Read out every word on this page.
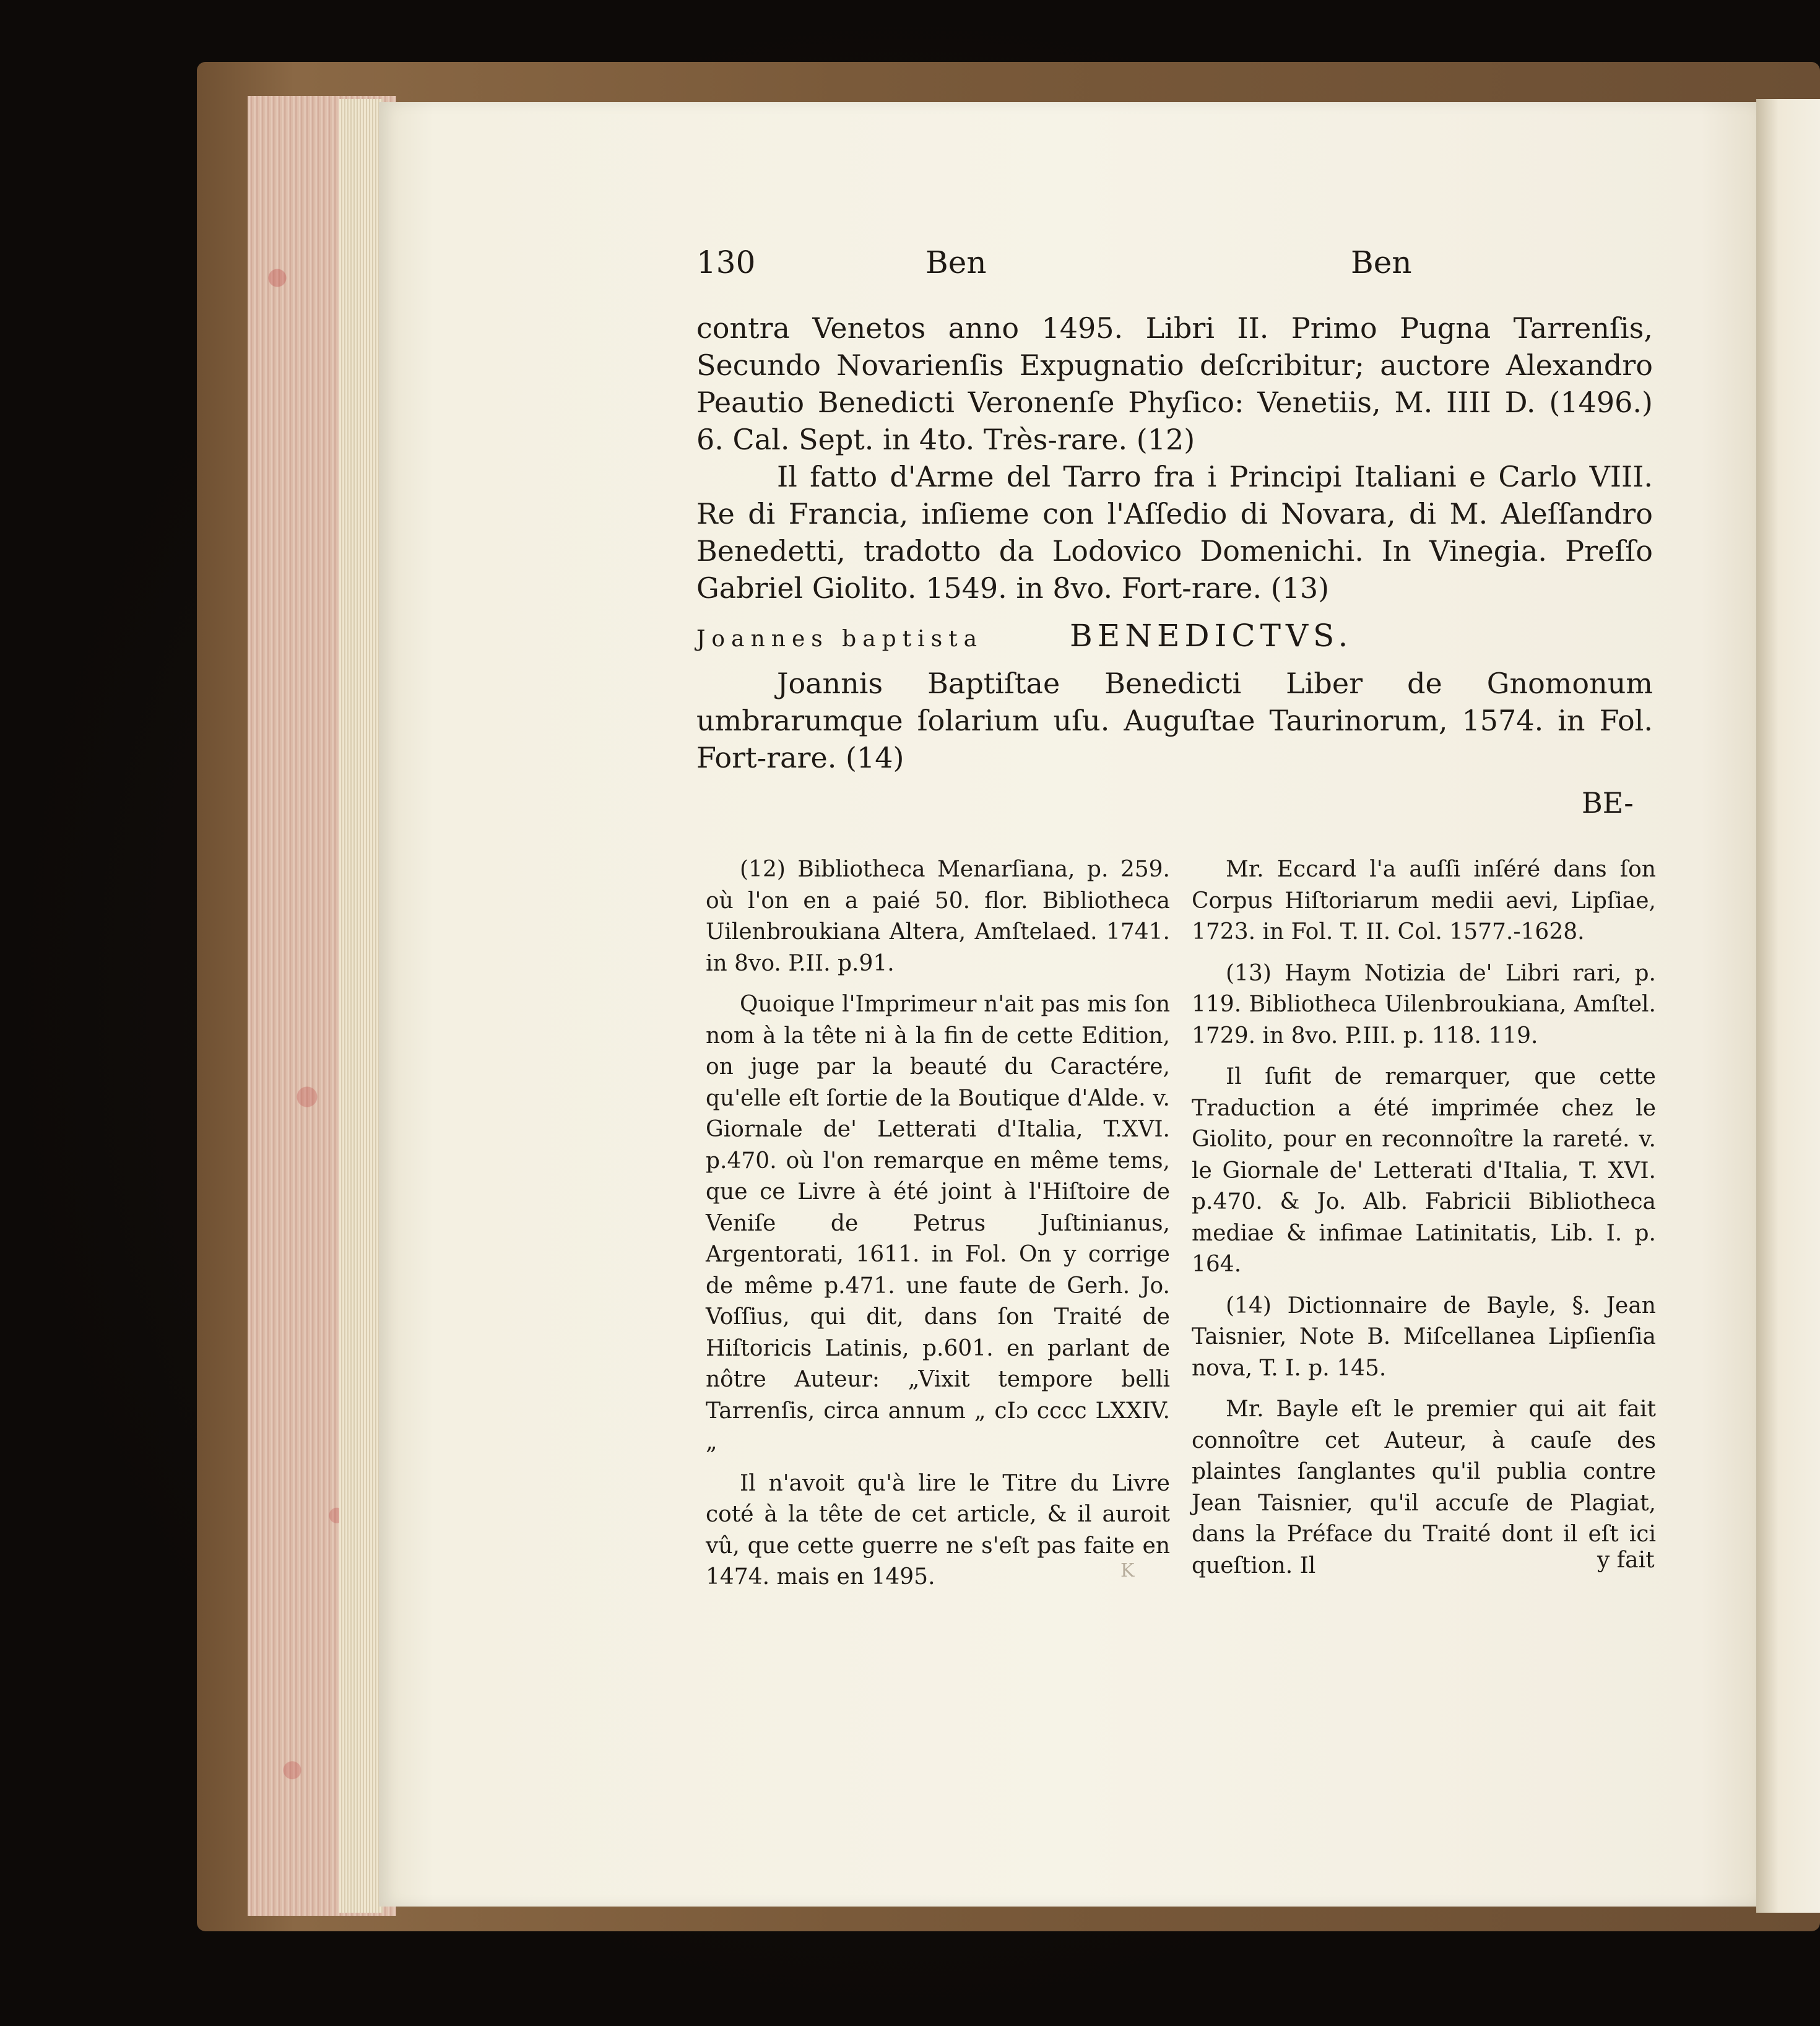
130	Ben	Ben

contra Venetos anno 1495. Libri II. Primo Pugna Tarrenſis, Secundo Novarienſis Expugnatio deſcribitur; auctore Alexandro Peautio Benedicti Veronenſe Phyſico: Venetiis, M. IIII D. (1496.) 6. Cal. Sept. in 4to. Très-rare. (12)

Il fatto d'Arme del Tarro fra i Principi Italiani e Carlo VIII. Re di Francia, inſieme con l'Aſſedio di Novara, di M. Aleſſandro Benedetti, tradotto da Lodovico Domenichi. In Vinegia. Preſſo Gabriel Giolito. 1549. in 8vo. Fort-rare. (13)

Joannes baptista	BENEDICTVS.

Joannis Baptiſtae Benedicti Liber de Gnomonum umbrarumque ſolarium uſu. Auguſtae Taurinorum, 1574. in Fol. Fort-rare. (14)

BE-

(12) Bibliotheca Menarſiana, p. 259. où l'on en a paié 50. flor. Bibliotheca Uilenbroukiana Altera, Amſtelaed. 1741. in 8vo. P.II. p.91.

Quoique l'Imprimeur n'ait pas mis ſon nom à la tête ni à la fin de cette Edition, on juge par la beauté du Caractére, qu'elle eſt ſortie de la Boutique d'Alde. v. Giornale de' Letterati d'Italia, T.XVI. p.470. où l'on remarque en même tems, que ce Livre à été joint à l'Hiſtoire de Veniſe de Petrus Juſtinianus, Argentorati, 1611. in Fol. On y corrige de même p.471. une faute de Gerh. Jo. Voſſius, qui dit, dans ſon Traité de Hiſtoricis Latinis, p.601. en parlant de nôtre Auteur: „Vixit tempore belli Tarrenſis, circa annum „ cIɔ cccc LXXIV. „

Il n'avoit qu'à lire le Titre du Livre coté à la tête de cet article, & il auroit vû, que cette guerre ne s'eſt pas faite en 1474. mais en 1495.

Mr. Eccard l'a auſſi inſéré dans ſon Corpus Hiſtoriarum medii aevi, Lipſiae, 1723. in Fol. T. II. Col. 1577.-1628.

(13) Haym Notizia de' Libri rari, p. 119. Bibliotheca Uilenbroukiana, Amſtel. 1729. in 8vo. P.III. p. 118. 119.

Il ſufit de remarquer, que cette Traduction a été imprimée chez le Giolito, pour en reconnoître la rareté. v. le Giornale de' Letterati d'Italia, T. XVI. p.470. & Jo. Alb. Fabricii Bibliotheca mediae & infimae Latinitatis, Lib. I. p. 164.

(14) Dictionnaire de Bayle, §. Jean Taisnier, Note B. Miſcellanea Lipſienſia nova, T. I. p. 145.

Mr. Bayle eſt le premier qui ait fait connoître cet Auteur, à cauſe des plaintes ſanglantes qu'il publia contre Jean Taisnier, qu'il accuſe de Plagiat, dans la Préface du Traité dont il eſt ici queſtion. Il	y fait
K
